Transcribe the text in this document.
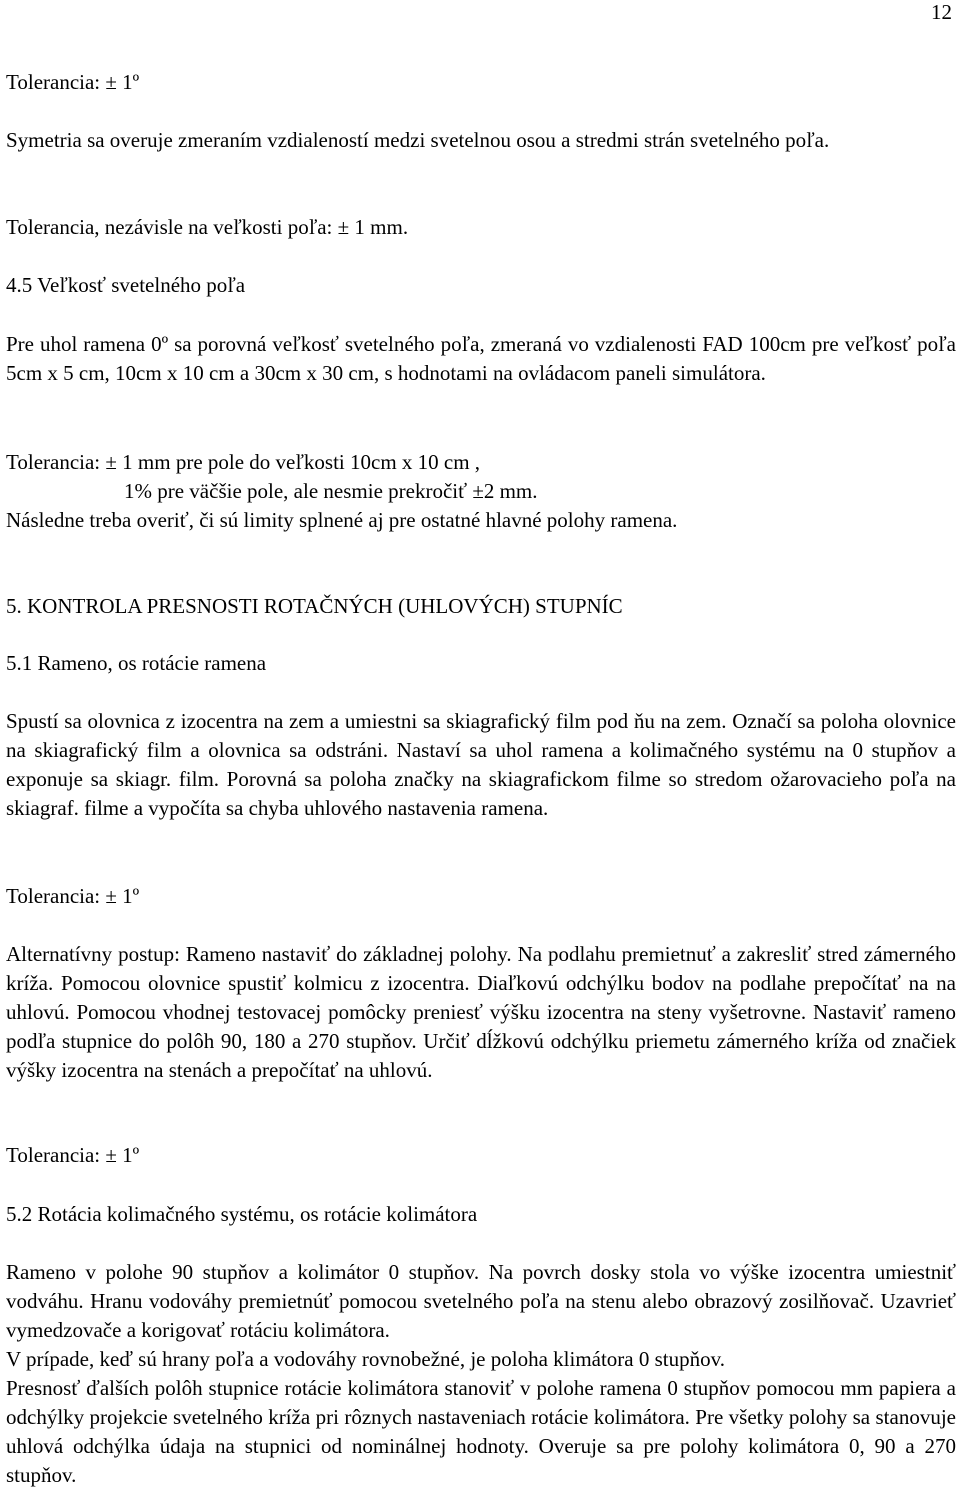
12

Tolerancia: ± 1º

Symetria sa overuje zmeraním vzdialeností medzi svetelnou osou a stredmi strán svetelného poľa.

Tolerancia, nezávisle na veľkosti poľa: ± 1 mm.

4.5 Veľkosť svetelného poľa

Pre uhol ramena 0º sa porovná veľkosť svetelného poľa, zmeraná vo vzdialenosti FAD 100cm pre veľkosť poľa 5cm x 5 cm, 10cm x 10 cm a 30cm x 30 cm, s hodnotami na ovládacom paneli simulátora.

Tolerancia: ± 1 mm pre pole do veľkosti 10cm x 10 cm ,

1% pre väčšie pole, ale nesmie prekročiť ±2 mm.

Následne treba overiť, či sú limity splnené aj pre ostatné hlavné polohy ramena.

5. KONTROLA PRESNOSTI ROTAČNÝCH (UHLOVÝCH) STUPNÍC

5.1 Rameno, os rotácie ramena

Spustí sa olovnica z izocentra na zem a umiestni sa skiagrafický film pod ňu na zem. Označí sa poloha olovnice na skiagrafický film a olovnica sa odstráni. Nastaví sa uhol ramena a kolimačného systému na 0 stupňov a exponuje sa skiagr. film. Porovná sa poloha značky na skiagrafickom filme so stredom ožarovacieho poľa na skiagraf. filme a vypočíta sa chyba uhlového nastavenia ramena.

Tolerancia: ± 1º

Alternatívny postup: Rameno nastaviť do základnej polohy. Na podlahu premietnuť a zakresliť stred zámerného kríža. Pomocou olovnice spustiť kolmicu z izocentra. Diaľkovú odchýlku bodov na podlahe prepočítať na na uhlovú. Pomocou vhodnej testovacej pomôcky preniesť výšku izocentra na steny vyšetrovne. Nastaviť rameno podľa stupnice do polôh 90, 180 a 270 stupňov. Určiť dĺžkovú odchýlku priemetu zámerného kríža od značiek výšky izocentra na stenách a prepočítať na uhlovú.

Tolerancia: ± 1º

5.2 Rotácia kolimačného systému, os rotácie kolimátora

Rameno v polohe 90 stupňov a kolimátor 0 stupňov. Na povrch dosky stola vo výške izocentra umiestniť vodváhu. Hranu vodováhy premietnúť pomocou svetelného poľa na stenu alebo obrazový zosilňovač. Uzavrieť vymedzovače a korigovať rotáciu kolimátora.

V prípade, keď sú hrany poľa a vodováhy rovnobežné, je poloha klimátora 0 stupňov.

Presnosť ďalších polôh stupnice rotácie kolimátora stanoviť v polohe ramena 0 stupňov pomocou mm papiera a odchýlky projekcie svetelného kríža pri rôznych nastaveniach rotácie kolimátora. Pre všetky polohy sa stanovuje uhlová odchýlka údaja na stupnici od nominálnej hodnoty. Overuje sa pre polohy kolimátora 0, 90 a 270 stupňov.
